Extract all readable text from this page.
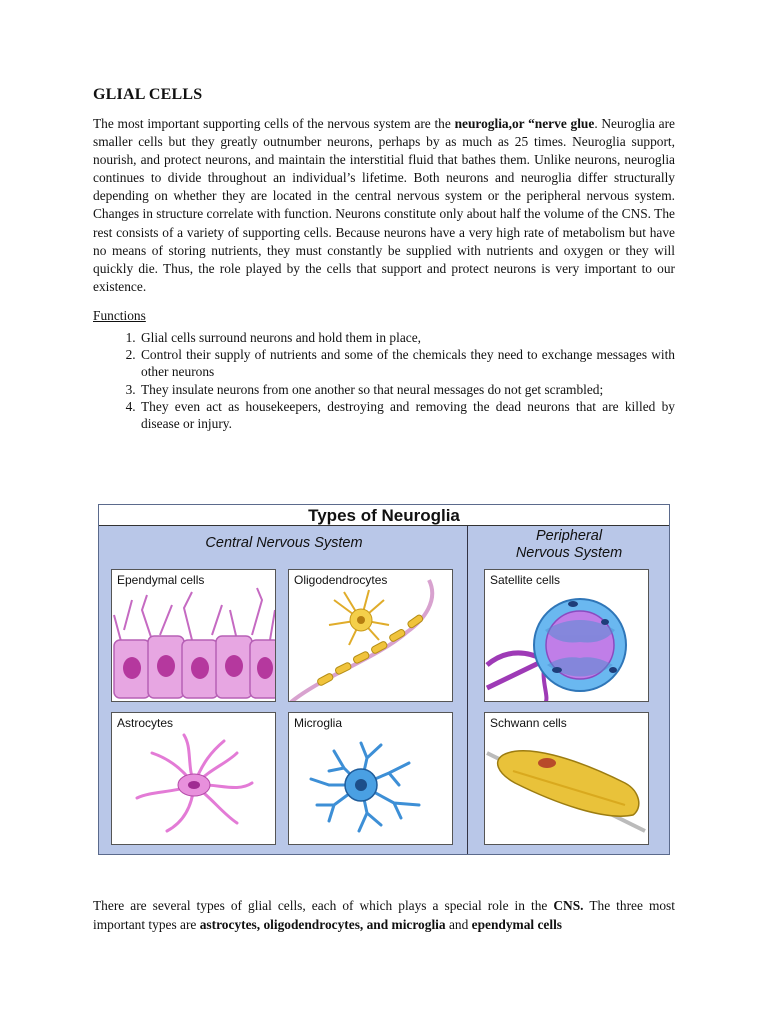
GLIAL CELLS

The most important supporting cells of the nervous system are the neuroglia,or “nerve glue. Neuroglia are smaller cells but they greatly outnumber neurons, perhaps by as much as 25 times. Neuroglia support, nourish, and protect neurons, and maintain the interstitial fluid that bathes them. Unlike neurons, neuroglia continues to divide throughout an individual’s lifetime. Both neurons and neuroglia differ structurally depending on whether they are located in the central nervous system or the peripheral nervous system. Changes in structure correlate with function. Neurons constitute only about half the volume of the CNS. The rest consists of a variety of supporting cells. Because neurons have a very high rate of metabolism but have no means of storing nutrients, they must constantly be supplied with nutrients and oxygen or they will quickly die. Thus, the role played by the cells that support and protect neurons is very important to our existence.

Functions
1. Glial cells surround neurons and hold them in place,
2. Control their supply of nutrients and some of the chemicals they need to exchange messages with other neurons
3. They insulate neurons from one another so that neural messages do not get scrambled;
4. They even act as housekeepers, destroying and removing the dead neurons that are killed by disease or injury.
Types of Neuroglia
Central Nervous System	Peripheral
Nervous System
Ependymal cells	Oligodendrocytes	Satellite cells
Astrocytes	Microglia	Schwann cells

There are several types of glial cells, each of which plays a special role in the CNS. The three most important types are astrocytes, oligodendrocytes, and microglia and ependymal cells
